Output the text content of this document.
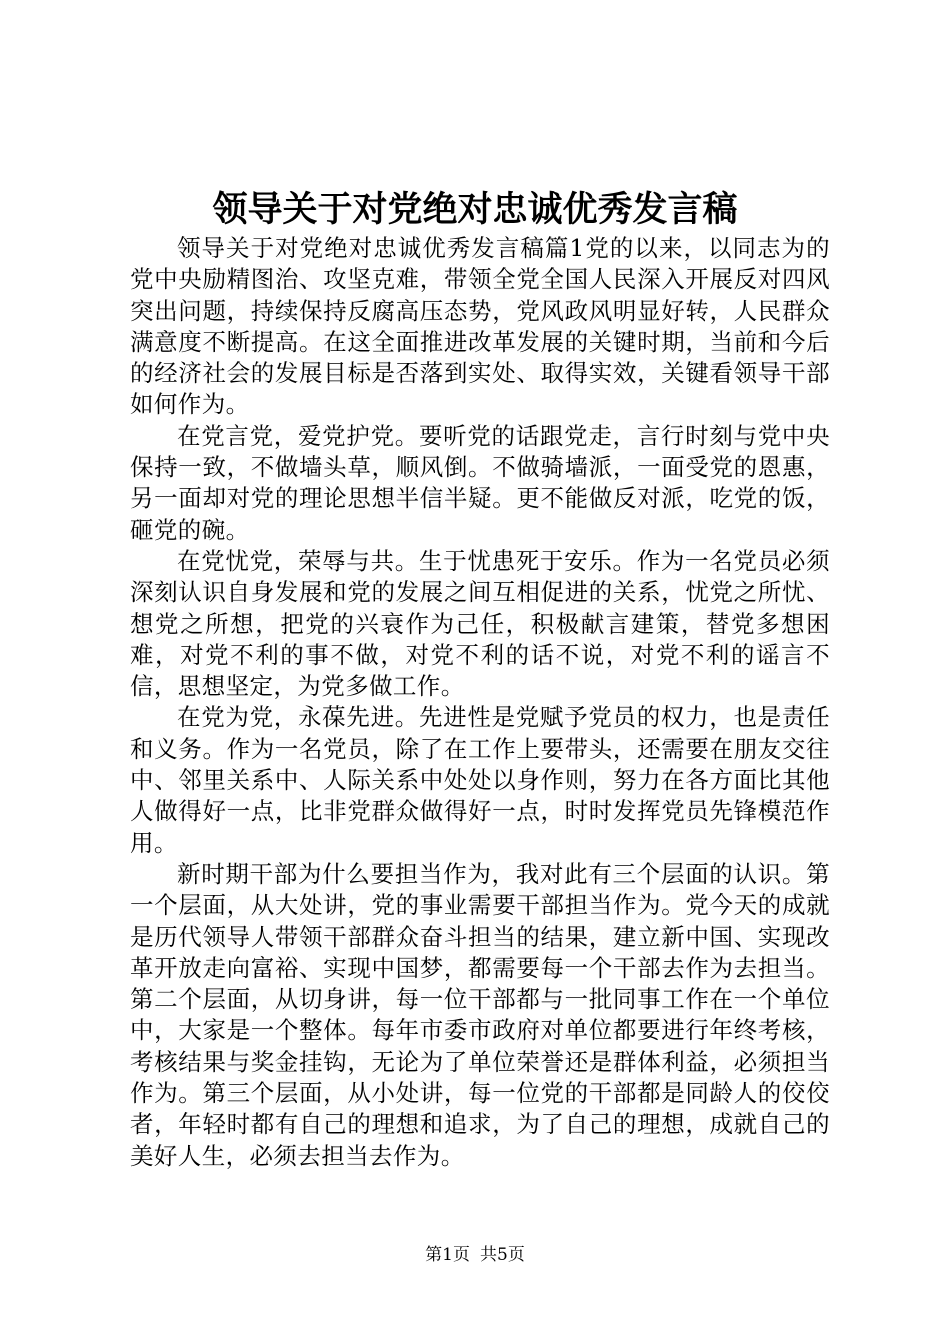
领导关于对党绝对忠诚优秀发言稿

领导关于对党绝对忠诚优秀发言稿篇1党的以来，以同志为的党中央励精图治、攻坚克难，带领全党全国人民深入开展反对四风突出问题，持续保持反腐高压态势，党风政风明显好转，人民群众满意度不断提高。在这全面推进改革发展的关键时期，当前和今后的经济社会的发展目标是否落到实处、取得实效，关键看领导干部如何作为。

在党言党，爱党护党。要听党的话跟党走，言行时刻与党中央保持一致，不做墙头草，顺风倒。不做骑墙派，一面受党的恩惠，另一面却对党的理论思想半信半疑。更不能做反对派，吃党的饭，砸党的碗。

在党忧党，荣辱与共。生于忧患死于安乐。作为一名党员必须深刻认识自身发展和党的发展之间互相促进的关系，忧党之所忧、想党之所想，把党的兴衰作为己任，积极献言建策，替党多想困难，对党不利的事不做，对党不利的话不说，对党不利的谣言不信，思想坚定，为党多做工作。

在党为党，永葆先进。先进性是党赋予党员的权力，也是责任和义务。作为一名党员，除了在工作上要带头，还需要在朋友交往中、邻里关系中、人际关系中处处以身作则，努力在各方面比其他人做得好一点，比非党群众做得好一点，时时发挥党员先锋模范作用。

新时期干部为什么要担当作为，我对此有三个层面的认识。第一个层面，从大处讲，党的事业需要干部担当作为。党今天的成就是历代领导人带领干部群众奋斗担当的结果，建立新中国、实现改革开放走向富裕、实现中国梦，都需要每一个干部去作为去担当。第二个层面，从切身讲，每一位干部都与一批同事工作在一个单位中，大家是一个整体。每年市委市政府对单位都要进行年终考核，考核结果与奖金挂钩，无论为了单位荣誉还是群体利益，必须担当作为。第三个层面，从小处讲，每一位党的干部都是同龄人的佼佼者，年轻时都有自己的理想和追求，为了自己的理想，成就自己的美好人生，必须去担当去作为。

第1页 共5页
